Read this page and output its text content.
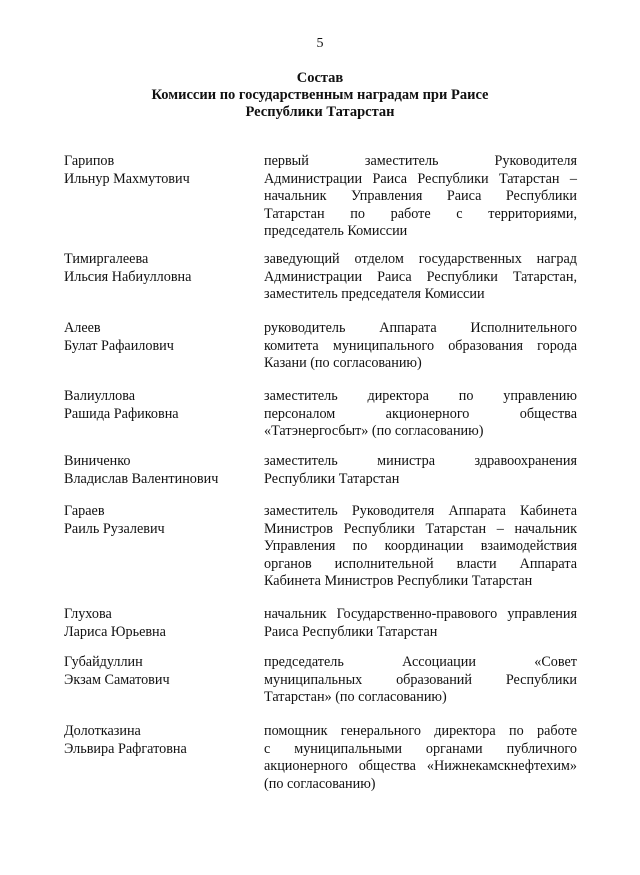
5
Состав
Комиссии по государственным наградам при Раисе
Республики Татарстан
Гарипов
Ильнур Махмутович
первый заместитель Руководителя
Администрации Раиса Республики Татарстан –
начальник Управления Раиса Республики
Татарстан по работе с территориями,
председатель Комиссии
Тимиргалеева
Ильсия Набиулловна
заведующий отделом государственных наград
Администрации Раиса Республики Татарстан,
заместитель председателя Комиссии
Алеев
Булат Рафаилович
руководитель Аппарата Исполнительного
комитета муниципального образования города
Казани (по согласованию)
Валиуллова
Рашида Рафиковна
заместитель директора по управлению
персоналом акционерного общества
«Татэнергосбыт» (по согласованию)
Виниченко
Владислав Валентинович
заместитель министра здравоохранения
Республики Татарстан
Гараев
Раиль Рузалевич
заместитель Руководителя Аппарата Кабинета
Министров Республики Татарстан – начальник
Управления по координации взаимодействия
органов исполнительной власти Аппарата
Кабинета Министров Республики Татарстан
Глухова
Лариса Юрьевна
начальник Государственно-правового управления
Раиса Республики Татарстан
Губайдуллин
Экзам Саматович
председатель Ассоциации «Совет
муниципальных образований Республики
Татарстан» (по согласованию)
Долотказина
Эльвира Рафгатовна
помощник генерального директора по работе
с муниципальными органами публичного
акционерного общества «Нижнекамскнефтехим»
(по согласованию)
